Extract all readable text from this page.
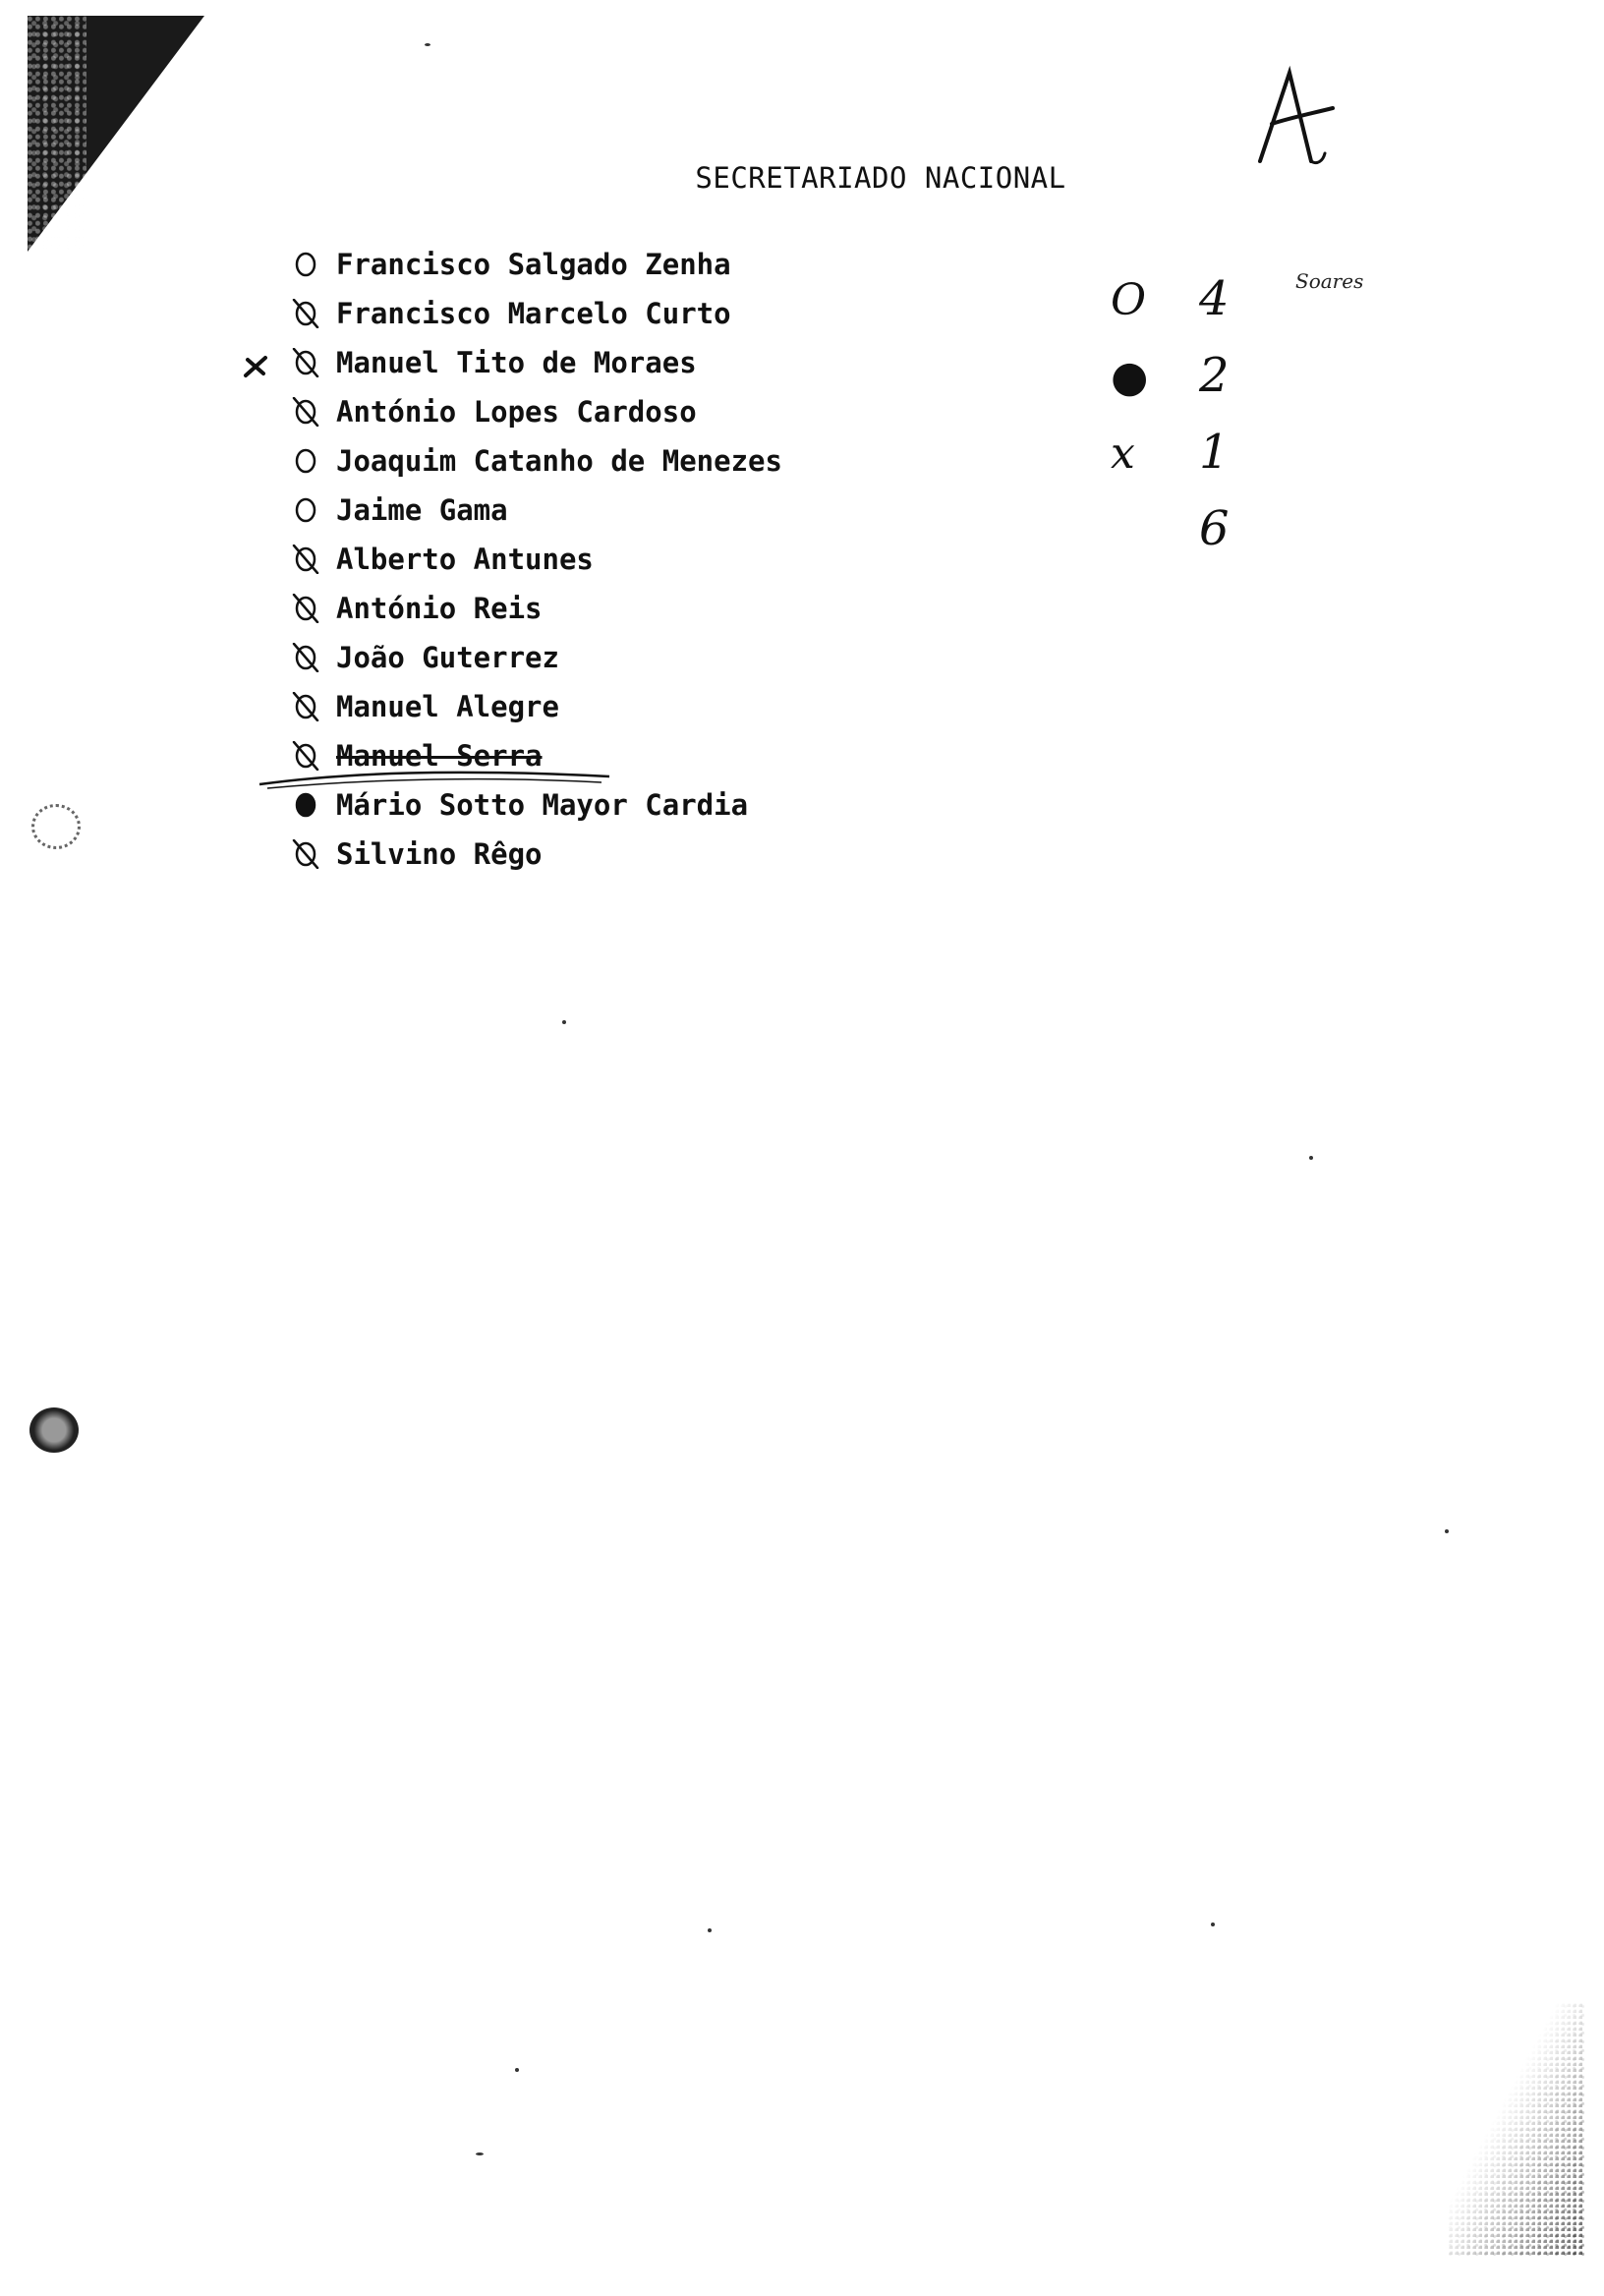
SECRETARIADO NACIONAL
Francisco Salgado Zenha
Francisco Marcelo Curto
Manuel Tito de Moraes
António Lopes Cardoso
Joaquim Catanho de Menezes
Jaime Gama
Alberto Antunes
António Reis
João Guterrez
Manuel Alegre
Manuel Serra
Mário Sotto Mayor Cardia
Silvino Rêgo
O 4
● 2
x 1
6
Soares
